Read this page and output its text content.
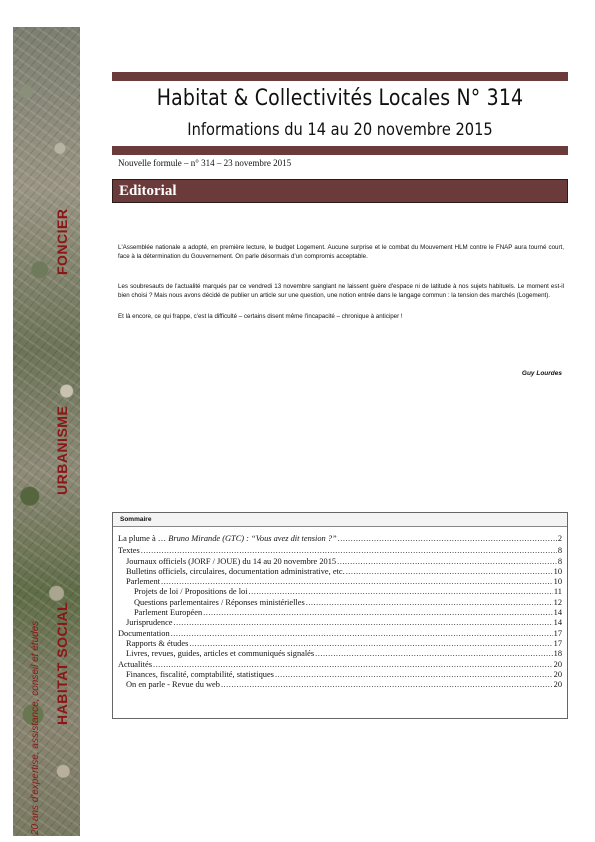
FONCIER
URBANISME
HABITAT SOCIAL
20 ans d'expertise, assistance, conseil et études
Habitat & Collectivités Locales N° 314
Informations du 14 au 20 novembre 2015
Nouvelle formule – n° 314 – 23 novembre 2015
Editorial
L'Assemblée nationale a adopté, en première lecture, le budget Logement. Aucune surprise et le combat du Mouvement HLM contre le FNAP aura tourné court, face à la détermination du Gouvernement. On parle désormais d'un compromis acceptable.
Les soubresauts de l'actualité marqués par ce vendredi 13 novembre sanglant ne laissent guère d'espace ni de latitude à nos sujets habituels. Le moment est-il bien choisi ? Mais nous avons décidé de publier un article sur une question, une notion entrée dans le langage commun : la tension des marchés (Logement).
Et là encore, ce qui frappe, c'est la difficulté – certains disent même l'incapacité – chronique à anticiper !
Guy Lourdes
Sommaire
La plume à … Bruno Mirande (GTC) : “Vous avez dit tension ?” .....	2
Textes .....	8
Journaux officiels (JORF / JOUE) du 14 au 20 novembre 2015 .....	8
Bulletins officiels, circulaires, documentation administrative, etc. .....	10
Parlement .....	10
Projets de loi / Propositions de loi .....	11
Questions parlementaires / Réponses ministérielles .....	12
Parlement Européen .....	14
Jurisprudence .....	14
Documentation .....	17
Rapports & études .....	17
Livres, revues, guides, articles et communiqués signalés .....	18
Actualités .....	20
Finances, fiscalité, comptabilité, statistiques .....	20
On en parle - Revue du web .....	20
